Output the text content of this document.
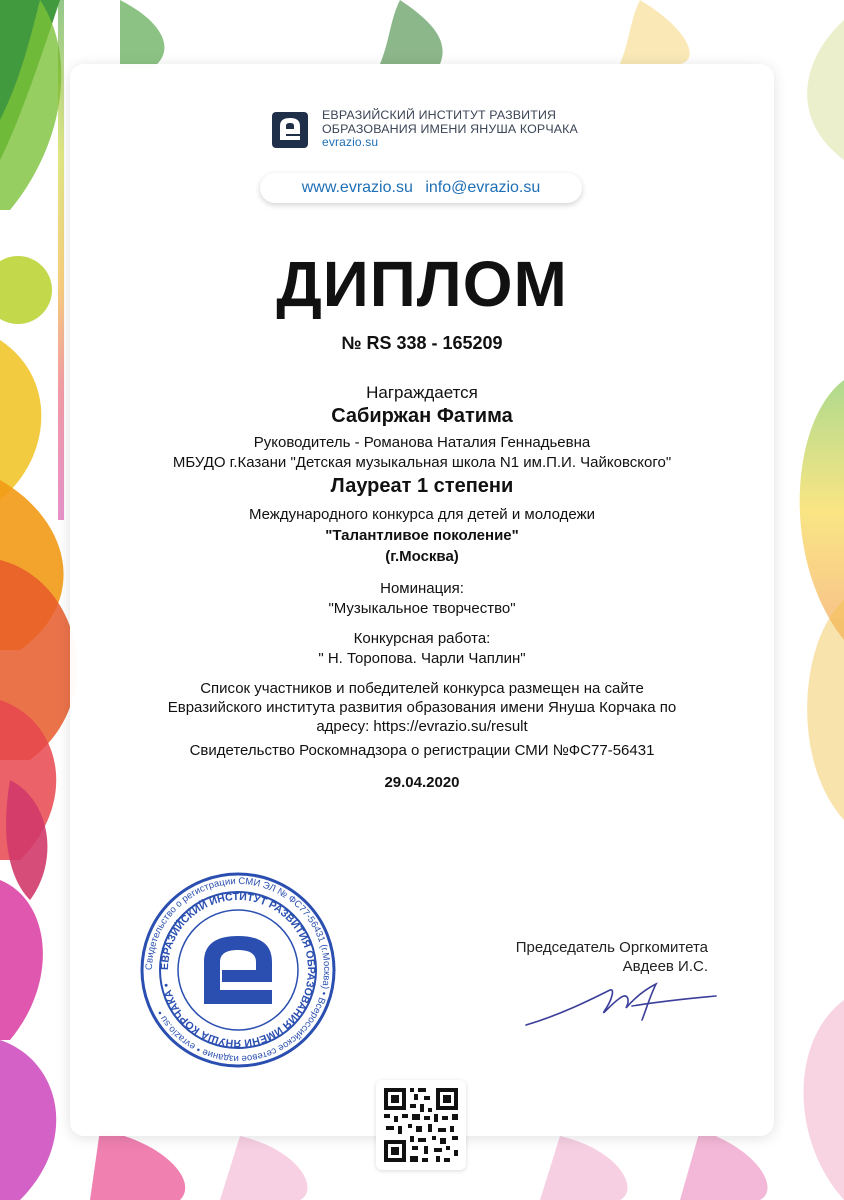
ЕВРАЗИЙСКИЙ ИНСТИТУТ РАЗВИТИЯ
ОБРАЗОВАНИЯ ИМЕНИ ЯНУША КОРЧАКА
evrazio.su
www.evrazio.su info@evrazio.su
ДИПЛОМ
№ RS 338 - 165209
Награждается
Сабиржан Фатима
Руководитель - Романова Наталия Геннадьевна
МБУДО г.Казани "Детская музыкальная школа N1 им.П.И. Чайковского"
Лауреат 1 степени
Международного конкурса для детей и молодежи
"Талантливое поколение"
(г.Москва)
Номинация:
"Музыкальное творчество"
Конкурсная работа:
" Н. Торопова. Чарли Чаплин"
Список участников и победителей конкурса размещен на сайте
Евразийского института развития образования имени Януша Корчака по
адресу: https://evrazio.su/result
Свидетельство Роскомнадзора о регистрации СМИ №ФС77-56431
29.04.2020
Свидетельство о регистрации СМИ ЭЛ № ФС77-56431 (г.Москва) • Всероссийское сетевое издание • evrazio.su •
ЕВРАЗИЙСКИЙ ИНСТИТУТ РАЗВИТИЯ ОБРАЗОВАНИЯ ИМЕНИ ЯНУША КОРЧАКА •
Председатель Оргкомитета
Авдеев И.С.
